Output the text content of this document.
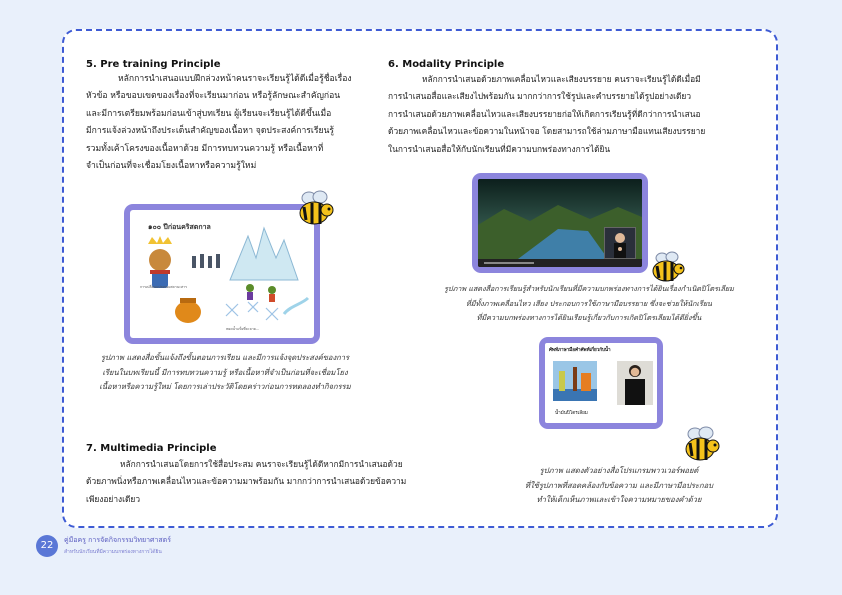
5. Pre training Principle
หลักการนำเสนอแบบฝึกล่วงหน้าคนราจะเรียนรู้ได้ดีเมื่อรู้ชื่อเรื่อง
หัวข้อ หรือขอบเขตของเรื่องที่จะเรียนมาก่อน หรือรู้ลักษณะสำคัญก่อน
และมีการเตรียมพร้อมก่อนเข้าสู่บทเรียน ผู้เรียนจะเรียนรู้ได้ดีขึ้นเมื่อ
มีการแจ้งล่วงหน้าถึงประเด็นสำคัญของเนื้อหา จุดประสงค์การเรียนรู้
รวมทั้งเค้าโครงของเนื้อหาด้วย มีการทบทวนความรู้ หรือเนื้อหาที่
จำเป็นก่อนที่จะเชื่อมโยงเนื้อหาหรือความรู้ใหม่
๑๐๐ ปีก่อนคริสตกาล
การเปลี่ยนแปลงของสถานะสาร
หยดน้ำแข็งที่ละลาย...
รูปภาพ แสดงสื่อขั้นแจ้งถึงขั้นตอนการเรียน และมีการแจ้งจุดประสงค์ของการ
เรียนในบทเรียนนี้ มีการทบทวนความรู้ หรือเนื้อหาที่จำเป็นก่อนที่จะเชื่อมโยง
เนื้อหาหรือความรู้ใหม่ โดยการเล่าประวัติโดยคร่าวก่อนการทดลองทำกิจกรรม
6. Modality Principle
หลักการนำเสนอด้วยภาพเคลื่อนไหวและเสียงบรรยาย คนราจะเรียนรู้ได้ดีเมื่อมี
การนำเสนอสื่อและเสียงไปพร้อมกัน มากกว่าการใช้รูปและคำบรรยายได้รูปอย่างเดียว
การนำเสนอด้วยภาพเคลื่อนไหวและเสียงบรรยายก่อให้เกิดการเรียนรู้ที่ดีกว่าการนำเสนอ
ด้วยภาพเคลื่อนไหวและข้อความในหน้าจอ โดยสามารถใช้ล่ามภาษามือแทนเสียงบรรยาย
ในการนำเสนอสื่อให้กับนักเรียนที่มีความบกพร่องทางการได้ยิน
รูปภาพ แสดงสื่อการเรียนรู้สำหรับนักเรียนที่มีความบกพร่องทางการได้ยินเรื่องกำเนิดปิโตรเลียม
ที่มีทั้งภาพเคลื่อนไหว เสียง ประกอบการใช้ภาษามือบรรยาย ซึ่งจะช่วยให้นักเรียน
ที่มีความบกพร่องทางการได้ยินเรียนรู้เกี่ยวกับการเกิดปิโตรเลียมได้ดียิ่งขึ้น
ศัพท์ภาษามือคำศัพท์เกี่ยวกับน้ำ
น้ำมันปิโตรเลียม
รูปภาพ แสดงตัวอย่างสื่อโปรแกรมพาวเวอร์พอยต์
ที่ใช้รูปภาพที่สอดคล้องกับข้อความ และมีภาษามือประกอบ
ทำให้เด็กเห็นภาพและเข้าใจความหมายของคำด้วย
7. Multimedia Principle
หลักการนำเสนอโดยการใช้สื่อประสม คนราจะเรียนรู้ได้ดีหากมีการนำเสนอด้วย
ด้วยภาพนิ่งหรือภาพเคลื่อนไหวและข้อความมาพร้อมกัน มากกว่าการนำเสนอด้วยข้อความ
เพียงอย่างเดียว
22	คู่มือครู การจัดกิจกรรมวิทยาศาสตร์
สำหรับนักเรียนที่มีความบกพร่องทางการได้ยิน
